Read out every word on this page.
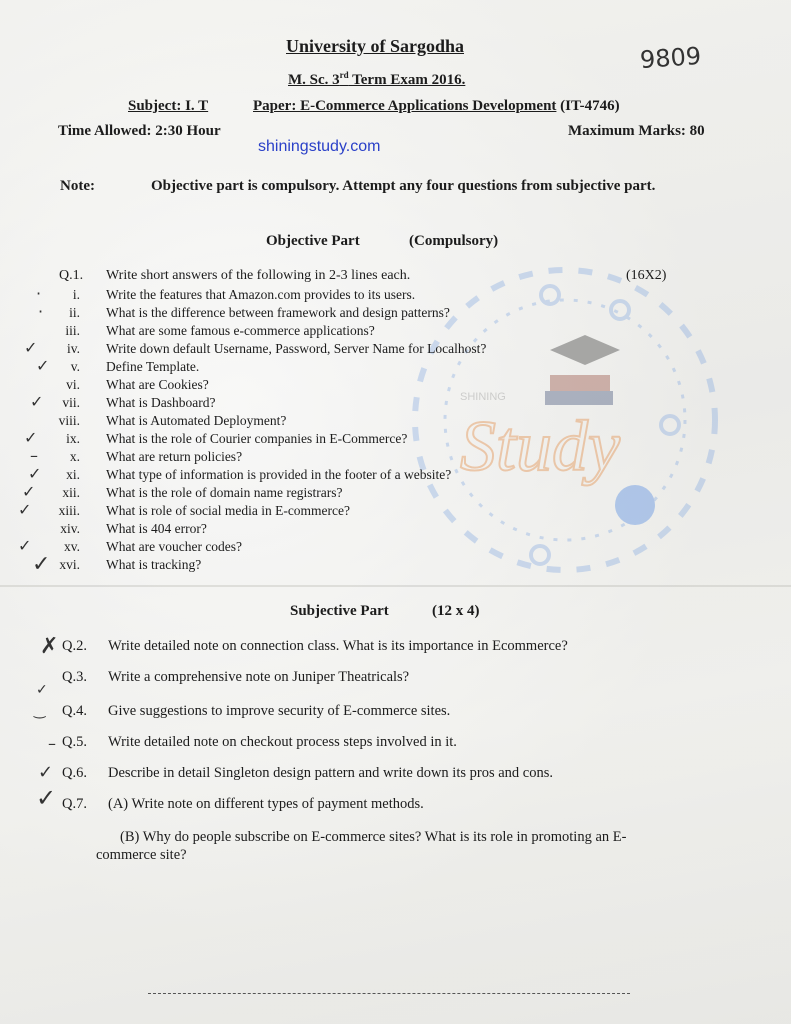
SHINING
Study
University of Sargodha	9809
M. Sc. 3rd Term Exam 2016.
Subject: I. T	Paper: E-Commerce Applications Development (IT-4746)
Time Allowed: 2:30 Hour	Maximum Marks: 80
shiningstudy.com
Note:	Objective part is compulsory. Attempt any four questions from subjective part.
Objective Part	(Compulsory)
Q.1. Write short answers of the following in 2-3 lines each.	(16X2)
i. Write the features that Amazon.com provides to its users.
ii. What is the difference between framework and design patterns?
iii. What are some famous e-commerce applications?
iv. Write down default Username, Password, Server Name for Localhost?
v. Define Template.
vi. What are Cookies?
vii. What is Dashboard?
viii. What is Automated Deployment?
ix. What is the role of Courier companies in E-Commerce?
x. What are return policies?
xi. What type of information is provided in the footer of a website?
xii. What is the role of domain name registrars?
xiii. What is role of social media in E-commerce?
xiv. What is 404 error?
xv. What are voucher codes?
xvi. What is tracking?
·
·
✓
✓
✓
✓
–
✓
✓
✓
✓
✓
Subjective Part	(12 x 4)
Q.2. Write detailed note on connection class. What is its importance in Ecommerce?
Q.3. Write a comprehensive note on Juniper Theatricals?
Q.4. Give suggestions to improve security of E-commerce sites.
Q.5. Write detailed note on checkout process steps involved in it.
Q.6. Describe in detail Singleton design pattern and write down its pros and cons.
Q.7. (A) Write note on different types of payment methods.
(B) Why do people subscribe on E-commerce sites? What is its role in promoting an E-
commerce site?
✗
✓
‿
–
✓
✓
